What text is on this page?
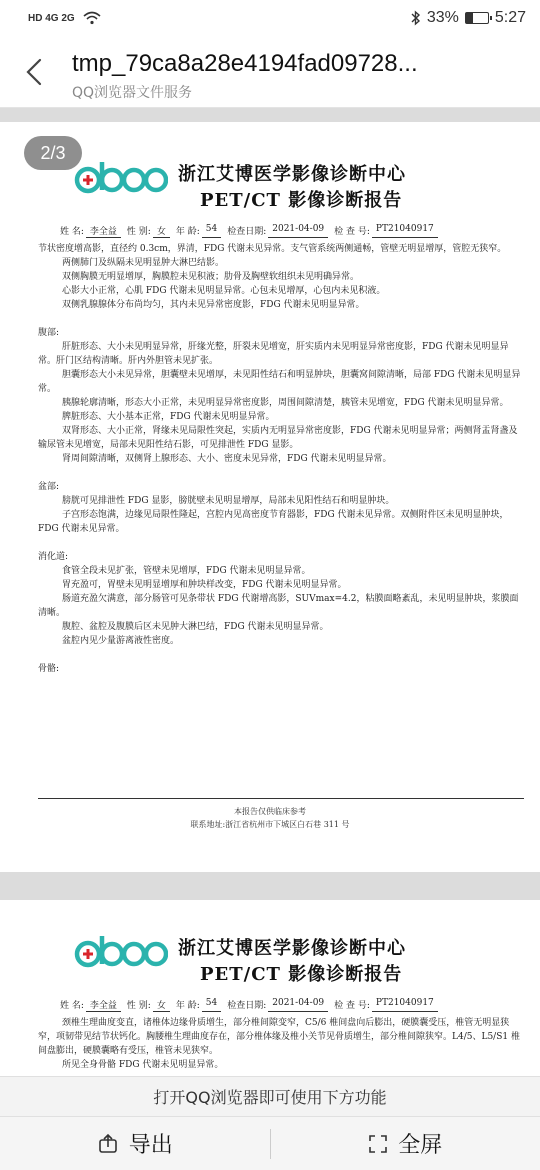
HD 4G 2G	33% 5:27
tmp_79ca8a28e4194fad09728...
QQ浏览器文件服务
2/3
浙江艾博医学影像诊断中心
PET/CT 影像诊断报告
姓 名: 李全益	性 别: 女	年 龄: 54	检查日期: 2021-04-09	检 查 号: PT21040917

节状密度增高影，直径约 0.3cm，界清，FDG 代谢未见异常。支气管系统两侧通畅，管壁无明显增厚，管腔无狭窄。

两侧肺门及纵隔未见明显肿大淋巴结影。

双侧胸膜无明显增厚，胸膜腔未见积液；肋骨及胸壁软组织未见明确异常。

心影大小正常，心肌 FDG 代谢未见明显异常。心包未见增厚，心包内未见积液。

双侧乳腺腺体分布尚均匀，其内未见异常密度影，FDG 代谢未见明显异常。

腹部:

肝脏形态、大小未见明显异常，肝缘光整，肝裂未见增宽，肝实质内未见明显异常密度影，FDG 代谢未见明显异常。肝门区结构清晰。肝内外胆管未见扩张。

胆囊形态大小未见异常，胆囊壁未见增厚，未见阳性结石和明显肿块，胆囊窝间隙清晰，局部 FDG 代谢未见明显异常。

胰腺轮廓清晰，形态大小正常，未见明显异常密度影，周围间隙清楚，胰管未见增宽，FDG 代谢未见明显异常。

脾脏形态、大小基本正常，FDG 代谢未见明显异常。

双肾形态、大小正常，肾缘未见局限性突起，实质内无明显异常密度影，FDG 代谢未见明显异常；两侧肾盂肾盏及输尿管未见增宽，局部未见阳性结石影，可见排泄性 FDG 显影。

肾周间隙清晰，双侧肾上腺形态、大小、密度未见异常，FDG 代谢未见明显异常。

盆部:

膀胱可见排泄性 FDG 显影，膀胱壁未见明显增厚，局部未见阳性结石和明显肿块。

子宫形态饱满，边缘见局限性隆起，宫腔内见高密度节育器影，FDG 代谢未见异常。双侧附件区未见明显肿块，FDG 代谢未见异常。

消化道:

食管全段未见扩张，管壁未见增厚，FDG 代谢未见明显异常。

胃充盈可，胃壁未见明显增厚和肿块样改变，FDG 代谢未见明显异常。

肠道充盈欠满意，部分肠管可见条带状 FDG 代谢增高影，SUVmax=4.2，粘膜面略紊乱，未见明显肿块，浆膜面清晰。

腹腔、盆腔及腹膜后区未见肿大淋巴结，FDG 代谢未见明显异常。

盆腔内见少量游离液性密度。

骨骼:

本报告仅供临床参考
联系地址:浙江省杭州市下城区白石巷 311 号
浙江艾博医学影像诊断中心
PET/CT 影像诊断报告
姓 名: 李全益	性 别: 女	年 龄: 54	检查日期: 2021-04-09	检 查 号: PT21040917

颈椎生理曲度变直，诸椎体边缘骨质增生，部分椎间隙变窄，C5/6 椎间盘向后膨出，硬膜囊受压，椎管无明显狭窄，项韧带见结节状钙化。胸腰椎生理曲度存在，部分椎体缘及椎小关节见骨质增生，部分椎间隙狭窄。L4/5、L5/S1 椎间盘膨出，硬膜囊略有受压，椎管未见狭窄。

所见全身骨骼 FDG 代谢未见明显异常。

打开QQ浏览器即可使用下方功能
导出	全屏
